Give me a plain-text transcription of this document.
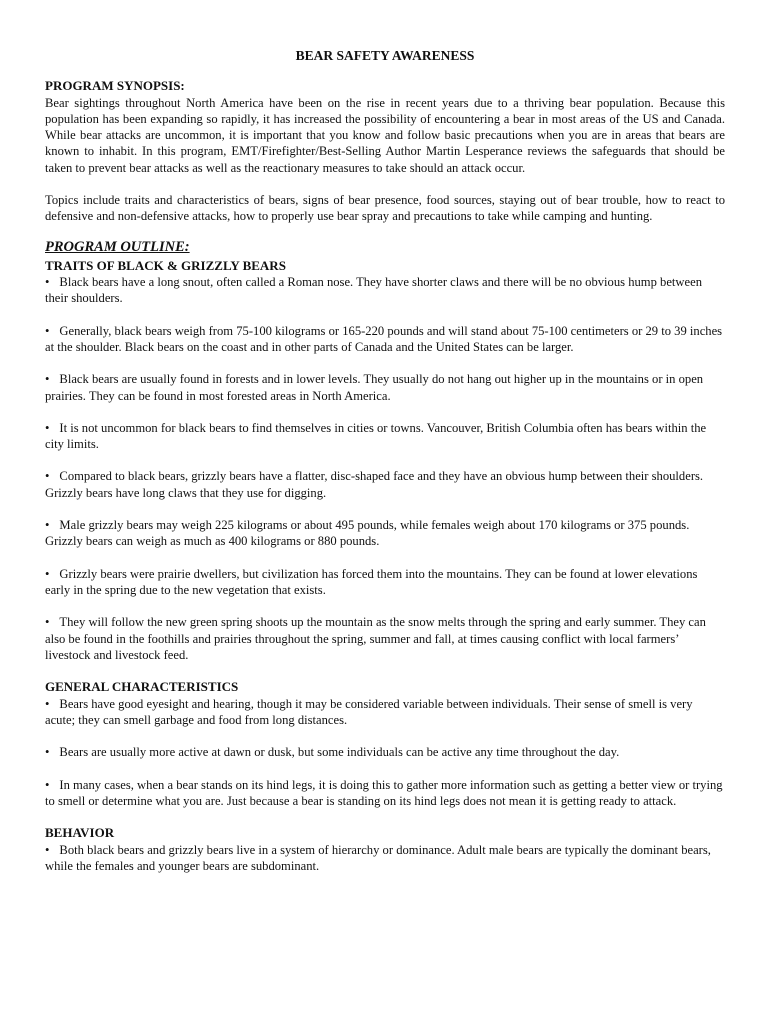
BEAR SAFETY AWARENESS
PROGRAM SYNOPSIS:

Bear sightings throughout North America have been on the rise in recent years due to a thriving bear population. Because this population has been expanding so rapidly, it has increased the possibility of encountering a bear in most areas of the US and Canada. While bear attacks are uncommon, it is important that you know and follow basic precautions when you are in areas that bears are known to inhabit. In this program, EMT/Firefighter/Best-Selling Author Martin Lesperance reviews the safeguards that should be taken to prevent bear attacks as well as the reactionary measures to take should an attack occur.

Topics include traits and characteristics of bears, signs of bear presence, food sources, staying out of bear trouble, how to react to defensive and non-defensive attacks, how to properly use bear spray and precautions to take while camping and hunting.

PROGRAM OUTLINE:
TRAITS OF BLACK & GRIZZLY BEARS

• Black bears have a long snout, often called a Roman nose. They have shorter claws and there will be no obvious hump between their shoulders.

• Generally, black bears weigh from 75-100 kilograms or 165-220 pounds and will stand about 75-100 centimeters or 29 to 39 inches at the shoulder. Black bears on the coast and in other parts of Canada and the United States can be larger.

• Black bears are usually found in forests and in lower levels. They usually do not hang out higher up in the mountains or in open prairies. They can be found in most forested areas in North America.

• It is not uncommon for black bears to find themselves in cities or towns. Vancouver, British Columbia often has bears within the city limits.

• Compared to black bears, grizzly bears have a flatter, disc-shaped face and they have an obvious hump between their shoulders. Grizzly bears have long claws that they use for digging.

• Male grizzly bears may weigh 225 kilograms or about 495 pounds, while females weigh about 170 kilograms or 375 pounds. Grizzly bears can weigh as much as 400 kilograms or 880 pounds.

• Grizzly bears were prairie dwellers, but civilization has forced them into the mountains. They can be found at lower elevations early in the spring due to the new vegetation that exists.

• They will follow the new green spring shoots up the mountain as the snow melts through the spring and early summer. They can also be found in the foothills and prairies throughout the spring, summer and fall, at times causing conflict with local farmers’ livestock and livestock feed.

GENERAL CHARACTERISTICS

• Bears have good eyesight and hearing, though it may be considered variable between individuals. Their sense of smell is very acute; they can smell garbage and food from long distances.

• Bears are usually more active at dawn or dusk, but some individuals can be active any time throughout the day.

• In many cases, when a bear stands on its hind legs, it is doing this to gather more information such as getting a better view or trying to smell or determine what you are. Just because a bear is standing on its hind legs does not mean it is getting ready to attack.

BEHAVIOR

• Both black bears and grizzly bears live in a system of hierarchy or dominance. Adult male bears are typically the dominant bears, while the females and younger bears are subdominant.
